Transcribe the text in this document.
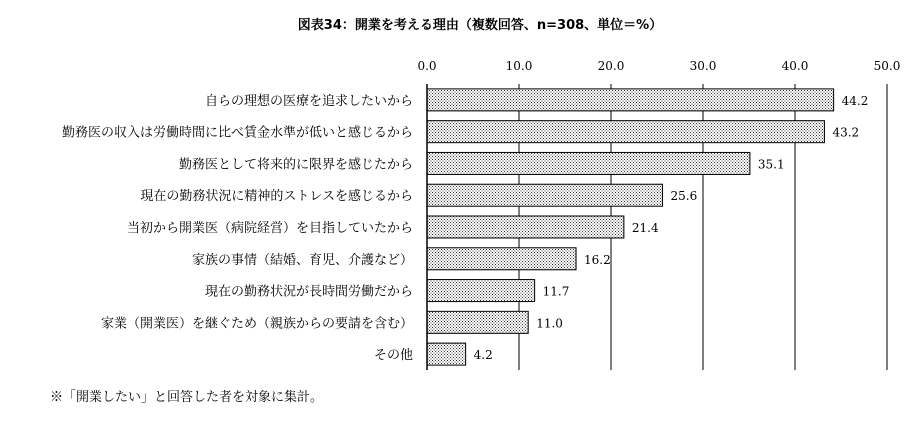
図表34：開業を考える理由（複数回答、n=308、単位＝%）
0.0	10.0	20.0	30.0	40.0	50.0
自らの理想の医療を追求したいから
勤務医の収入は労働時間に比べ賃金水準が低いと感じるから
勤務医として将来的に限界を感じたから
現在の勤務状況に精神的ストレスを感じるから
当初から開業医（病院経営）を目指していたから
家族の事情（結婚、育児、介護など）
現在の勤務状況が長時間労働だから
家業（開業医）を継ぐため（親族からの要請を含む）
その他
44.2
43.2
35.1
25.6
21.4
16.2
11.7
11.0
4.2
※「開業したい」と回答した者を対象に集計。
